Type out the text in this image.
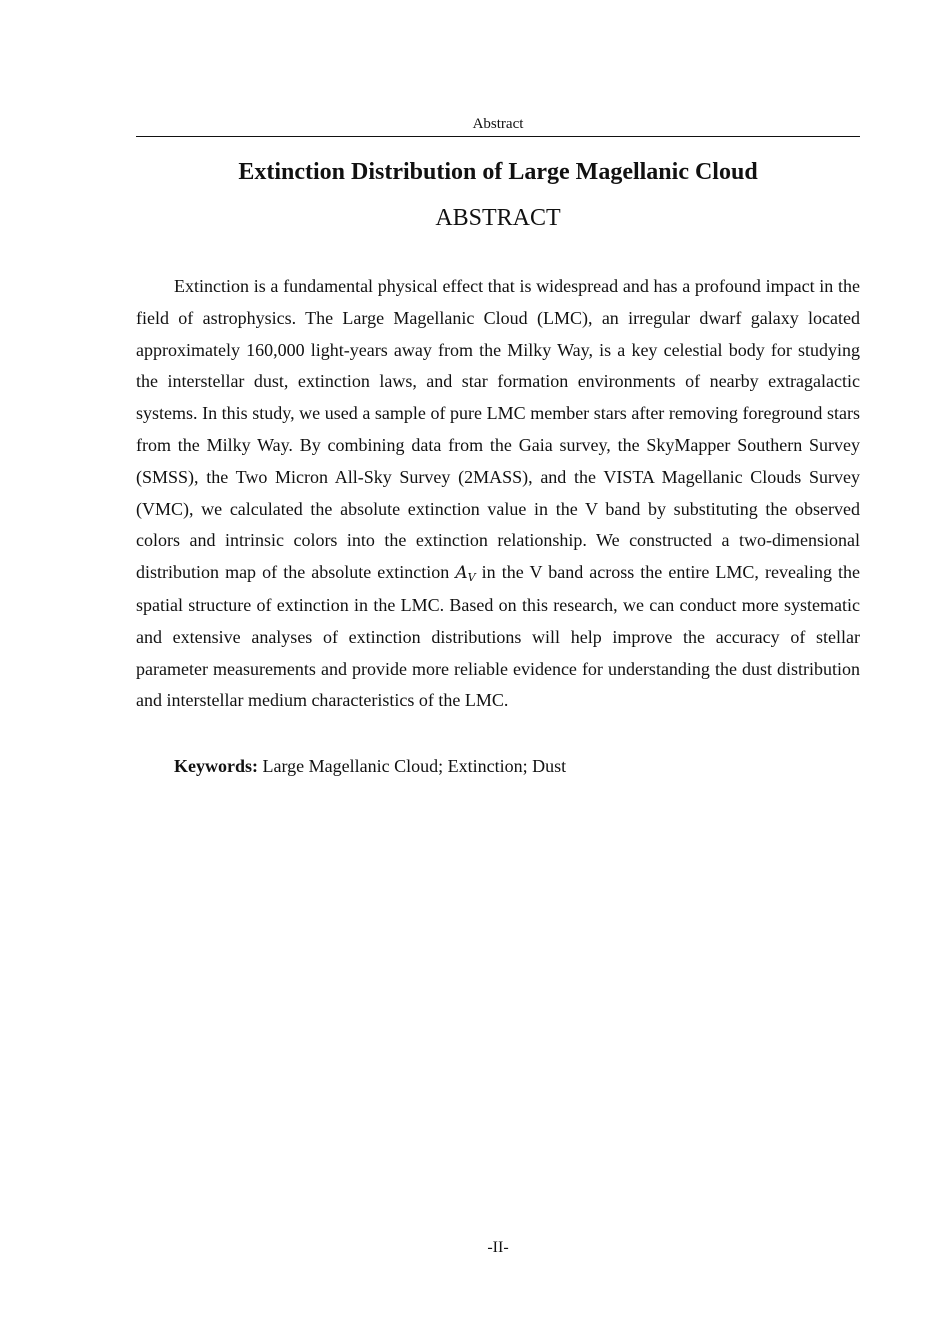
Abstract
Extinction Distribution of Large Magellanic Cloud
ABSTRACT

Extinction is a fundamental physical effect that is widespread and has a profound impact in the field of astrophysics. The Large Magellanic Cloud (LMC), an irregular dwarf galaxy located approximately 160,000 light-years away from the Milky Way, is a key celestial body for studying the interstellar dust, extinction laws, and star formation environments of nearby extragalactic systems. In this study, we used a sample of pure LMC member stars after removing foreground stars from the Milky Way. By combining data from the Gaia survey, the SkyMapper Southern Survey (SMSS), the Two Micron All-Sky Survey (2MASS), and the VISTA Magellanic Clouds Survey (VMC), we calculated the absolute extinction value in the V band by substituting the observed colors and intrinsic colors into the extinction relationship. We constructed a two-dimensional distribution map of the absolute extinction $A_V$ in the V band across the entire LMC, revealing the spatial structure of extinction in the LMC. Based on this research, we can conduct more systematic and extensive analyses of extinction distributions will help improve the accuracy of stellar parameter measurements and provide more reliable evidence for understanding the dust distribution and interstellar medium characteristics of the LMC.

Keywords: Large Magellanic Cloud; Extinction; Dust

-II-
